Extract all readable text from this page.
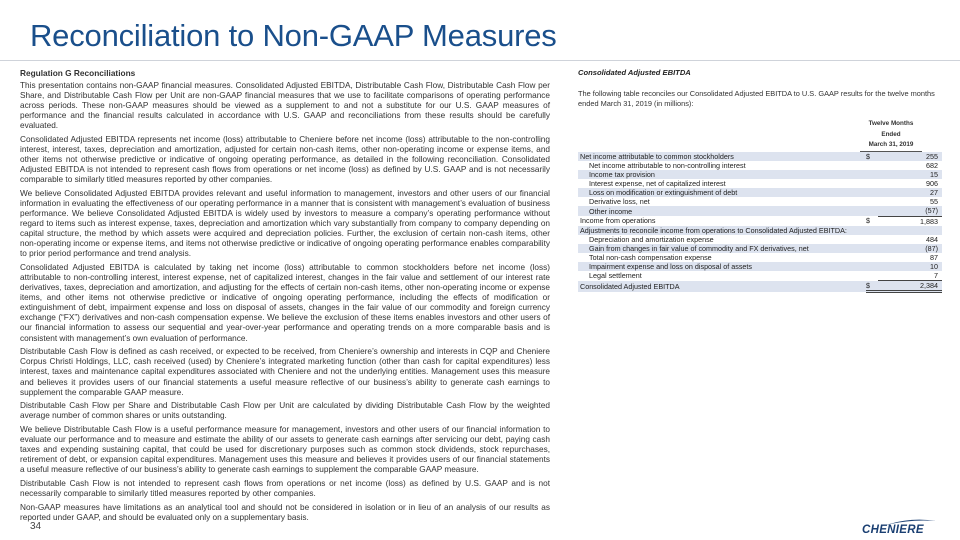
Reconciliation to Non-GAAP Measures
Regulation G Reconciliations

This presentation contains non-GAAP financial measures. Consolidated Adjusted EBITDA, Distributable Cash Flow, Distributable Cash Flow per Share, and Distributable Cash Flow per Unit are non-GAAP financial measures that we use to facilitate comparisons of operating performance across periods. These non-GAAP measures should be viewed as a supplement to and not a substitute for our U.S. GAAP measures of performance and the financial results calculated in accordance with U.S. GAAP and reconciliations from these results should be carefully evaluated.

Consolidated Adjusted EBITDA represents net income (loss) attributable to Cheniere before net income (loss) attributable to the non-controlling interest, interest, taxes, depreciation and amortization, adjusted for certain non-cash items, other non-operating income or expense items, and other items not otherwise predictive or indicative of ongoing operating performance, as detailed in the following reconciliation. Consolidated Adjusted EBITDA is not intended to represent cash flows from operations or net income (loss) as defined by U.S. GAAP and is not necessarily comparable to similarly titled measures reported by other companies.

We believe Consolidated Adjusted EBITDA provides relevant and useful information to management, investors and other users of our financial information in evaluating the effectiveness of our operating performance in a manner that is consistent with management’s evaluation of business performance. We believe Consolidated Adjusted EBITDA is widely used by investors to measure a company’s operating performance without regard to items such as interest expense, taxes, depreciation and amortization which vary substantially from company to company depending on capital structure, the method by which assets were acquired and depreciation policies. Further, the exclusion of certain non-cash items, other non-operating income or expense items, and items not otherwise predictive or indicative of ongoing operating performance enables comparability to prior period performance and trend analysis.

Consolidated Adjusted EBITDA is calculated by taking net income (loss) attributable to common stockholders before net income (loss) attributable to non-controlling interest, interest expense, net of capitalized interest, changes in the fair value and settlement of our interest rate derivatives, taxes, depreciation and amortization, and adjusting for the effects of certain non-cash items, other non-operating income or expense items, and other items not otherwise predictive or indicative of ongoing operating performance, including the effects of modification or extinguishment of debt, impairment expense and loss on disposal of assets, changes in the fair value of our commodity and foreign currency exchange (“FX”) derivatives and non-cash compensation expense. We believe the exclusion of these items enables investors and other users of our financial information to assess our sequential and year-over-year performance and operating trends on a more comparable basis and is consistent with management’s own evaluation of performance.

Distributable Cash Flow is defined as cash received, or expected to be received, from Cheniere’s ownership and interests in CQP and Cheniere Corpus Christi Holdings, LLC, cash received (used) by Cheniere’s integrated marketing function (other than cash for capital expenditures) less interest, taxes and maintenance capital expenditures associated with Cheniere and not the underlying entities. Management uses this measure and believes it provides users of our financial statements a useful measure reflective of our business’s ability to generate cash earnings to supplement the comparable GAAP measure.

Distributable Cash Flow per Share and Distributable Cash Flow per Unit are calculated by dividing Distributable Cash Flow by the weighted average number of common shares or units outstanding.

We believe Distributable Cash Flow is a useful performance measure for management, investors and other users of our financial information to evaluate our performance and to measure and estimate the ability of our assets to generate cash earnings after servicing our debt, paying cash taxes and expending sustaining capital, that could be used for discretionary purposes such as common stock dividends, stock repurchases, retirement of debt, or expansion capital expenditures. Management uses this measure and believes it provides users of our financial statements a useful measure reflective of our business’s ability to generate cash earnings to supplement the comparable GAAP measure.

Distributable Cash Flow is not intended to represent cash flows from operations or net income (loss) as defined by U.S. GAAP and is not necessarily comparable to similarly titled measures reported by other companies.

Non-GAAP measures have limitations as an analytical tool and should not be considered in isolation or in lieu of an analysis of our results as reported under GAAP, and should be evaluated only on a supplementary basis.

Consolidated Adjusted EBITDA
The following table reconciles our Consolidated Adjusted EBITDA to U.S. GAAP results for the twelve months ended March 31, 2019 (in millions):
Twelve Months
Ended
March 31, 2019
Net income attributable to common stockholders	$	255
Net income attributable to non-controlling interest		682
Income tax provision		15
Interest expense, net of capitalized interest		906
Loss on modification or extinguishment of debt		27
Derivative loss, net		55
Other income		(57)
Income from operations	$	1,883
Adjustments to reconcile income from operations to Consolidated Adjusted EBITDA:		
Depreciation and amortization expense		484
Gain from changes in fair value of commodity and FX derivatives, net		(87)
Total non-cash compensation expense		87
Impairment expense and loss on disposal of assets		10
Legal settlement		7
Consolidated Adjusted EBITDA	$	2,384
34	CHENIERE
